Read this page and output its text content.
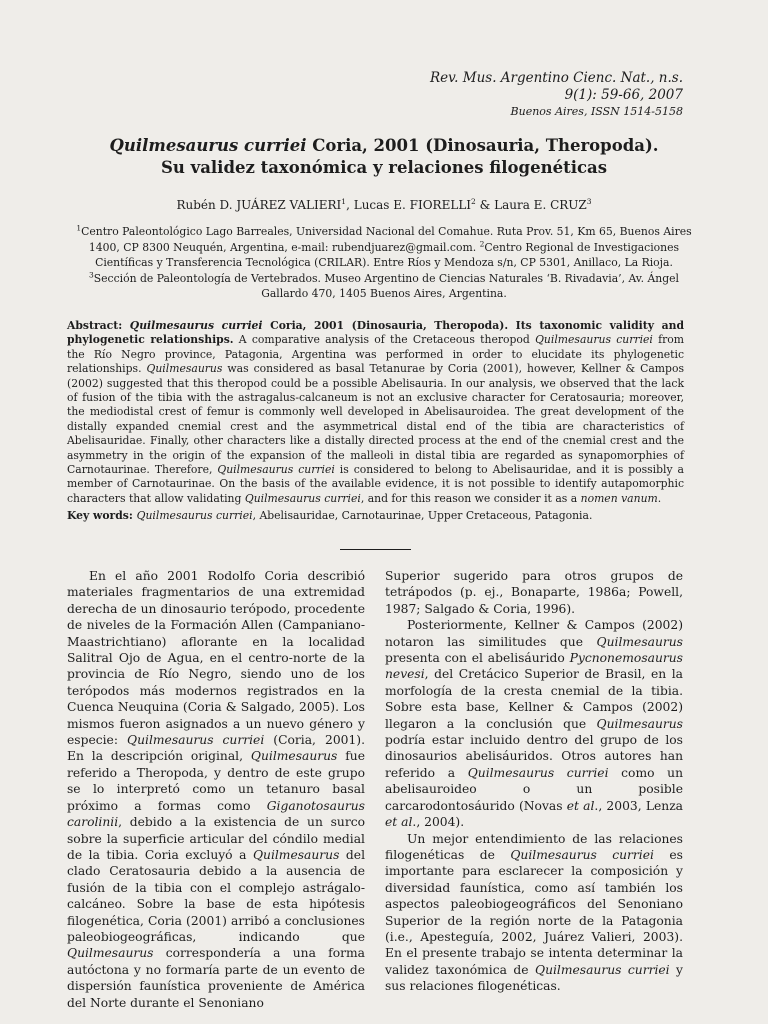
Rev. Mus. Argentino Cienc. Nat., n.s.
9(1): 59-66, 2007
Buenos Aires, ISSN 1514-5158
Quilmesaurus curriei Coria, 2001 (Dinosauria, Theropoda).
Su validez taxonómica y relaciones filogenéticas
Rubén D. JUÁREZ VALIERI$^1$, Lucas E. FIORELLI$^2$ & Laura E. CRUZ$^3$
$^1$Centro Paleontológico Lago Barreales, Universidad Nacional del Comahue. Ruta Prov. 51, Km 65, Buenos Aires 1400, CP 8300 Neuquén, Argentina, e-mail: rubendjuarez@gmail.com. $^2$Centro Regional de Investigaciones Científicas y Transferencia Tecnológica (CRILAR). Entre Ríos y Mendoza s/n, CP 5301, Anillaco, La Rioja. $^3$Sección de Paleontología de Vertebrados. Museo Argentino de Ciencias Naturales ‘B. Rivadavia’, Av. Ángel Gallardo 470, 1405 Buenos Aires, Argentina.
Abstract: Quilmesaurus curriei Coria, 2001 (Dinosauria, Theropoda). Its taxonomic validity and phylogenetic relationships. A comparative analysis of the Cretaceous theropod Quilmesaurus curriei from the Río Negro province, Patagonia, Argentina was performed in order to elucidate its phylogenetic relationships. Quilmesaurus was considered as basal Tetanurae by Coria (2001), however, Kellner & Campos (2002) suggested that this theropod could be a possible Abelisauria. In our analysis, we observed that the lack of fusion of the tibia with the astragalus-calcaneum is not an exclusive character for Ceratosauria; moreover, the mediodistal crest of femur is commonly well developed in Abelisauroidea. The great development of the distally expanded cnemial crest and the asymmetrical distal end of the tibia are characteristics of Abelisauridae. Finally, other characters like a distally directed process at the end of the cnemial crest and the asymmetry in the origin of the expansion of the malleoli in distal tibia are regarded as synapomorphies of Carnotaurinae. Therefore, Quilmesaurus curriei is considered to belong to Abelisauridae, and it is possibly a member of Carnotaurinae. On the basis of the available evidence, it is not possible to identify autapomorphic characters that allow validating Quilmesaurus curriei, and for this reason we consider it as a nomen vanum.
Key words: Quilmesaurus curriei, Abelisauridae, Carnotaurinae, Upper Cretaceous, Patagonia.

En el año 2001 Rodolfo Coria describió materiales fragmentarios de una extremidad derecha de un dinosaurio terópodo, procedente de niveles de la Formación Allen (Campaniano-Maastrichtiano) aflorante en la localidad Salitral Ojo de Agua, en el centro-norte de la provincia de Río Negro, siendo uno de los terópodos más modernos registrados en la Cuenca Neuquina (Coria & Salgado, 2005). Los mismos fueron asignados a un nuevo género y especie: Quilmesaurus curriei (Coria, 2001). En la descripción original, Quilmesaurus fue referido a Theropoda, y dentro de este grupo se lo interpretó como un tetanuro basal próximo a formas como Giganotosaurus carolinii, debido a la existencia de un surco sobre la superficie articular del cóndilo medial de la tibia. Coria excluyó a Quilmesaurus del clado Ceratosauria debido a la ausencia de fusión de la tibia con el complejo astrágalo-calcáneo. Sobre la base de esta hipótesis filogenética, Coria (2001) arribó a conclusiones paleobiogeográficas, indicando que Quilmesaurus correspondería a una forma autóctona y no formaría parte de un evento de dispersión faunística proveniente de América del Norte durante el Senoniano

Superior sugerido para otros grupos de tetrápodos (p. ej., Bonaparte, 1986a; Powell, 1987; Salgado & Coria, 1996).

Posteriormente, Kellner & Campos (2002) notaron las similitudes que Quilmesaurus presenta con el abelisáurido Pycnonemosaurus nevesi, del Cretácico Superior de Brasil, en la morfología de la cresta cnemial de la tibia. Sobre esta base, Kellner & Campos (2002) llegaron a la conclusión que Quilmesaurus podría estar incluido dentro del grupo de los dinosaurios abelisáuridos. Otros autores han referido a Quilmesaurus curriei como un abelisauroideo o un posible carcarodontosáurido (Novas et al., 2003, Lenza et al., 2004).

Un mejor entendimiento de las relaciones filogenéticas de Quilmesaurus curriei es importante para esclarecer la composición y diversidad faunística, como así también los aspectos paleobiogeográficos del Senoniano Superior de la región norte de la Patagonia (i.e., Apesteguía, 2002, Juárez Valieri, 2003). En el presente trabajo se intenta determinar la validez taxonómica de Quilmesaurus curriei y sus relaciones filogenéticas.
